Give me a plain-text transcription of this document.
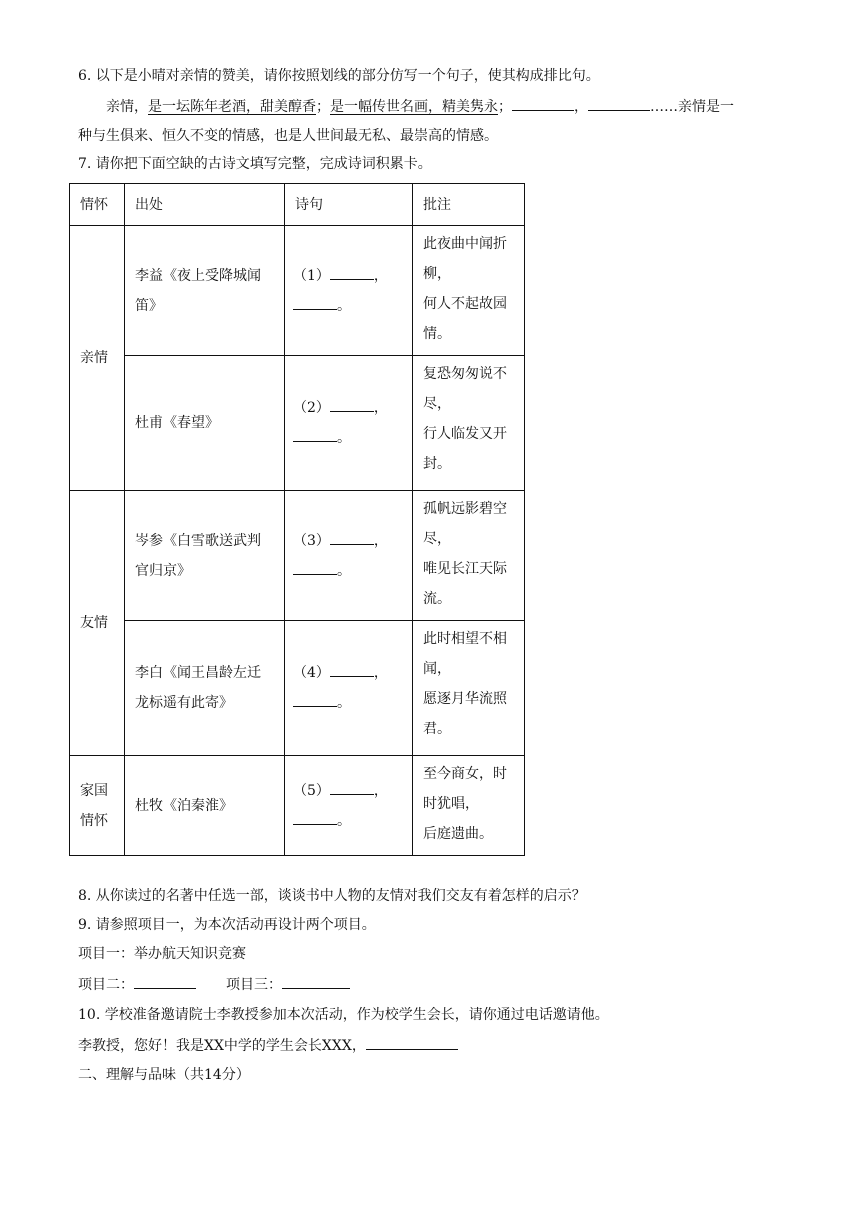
6. 以下是小晴对亲情的赞美，请你按照划线的部分仿写一个句子，使其构成排比句。
亲情，是一坛陈年老酒，甜美醇香；是一幅传世名画，精美隽永；	，	……亲情是一
种与生俱来、恒久不变的情感，也是人世间最无私、最崇高的情感。
7. 请你把下面空缺的古诗文填写完整，完成诗词积累卡。
情怀	出处	诗句	批注
亲情	李益《夜上受降城闻
笛》	（1） ，
。	此夜曲中闻折
柳，
何人不起故园
情。

	杜甫《春望》	（2） ，
。	复恐匆匆说不
尽，
行人临发又开
封。

友情	岑参《白雪歌送武判
官归京》	（3） ，
。	孤帆远影碧空
尽，
唯见长江天际
流。

	李白《闻王昌龄左迁
龙标遥有此寄》	（4） ，
。	此时相望不相
闻，
愿逐月华流照
君。

家国
情怀	杜牧《泊秦淮》	（5） ，
。	至今商女，时
时犹唱，
后庭遗曲。
8. 从你读过的名著中任选一部，谈谈书中人物的友情对我们交友有着怎样的启示？
9. 请参照项目一，为本次活动再设计两个项目。
项目一：举办航天知识竞赛
项目二：	项目三：
10. 学校准备邀请院士李教授参加本次活动，作为校学生会长，请你通过电话邀请他。
李教授，您好！我是XX中学的学生会长XXX，
二、理解与品味（共14分）
